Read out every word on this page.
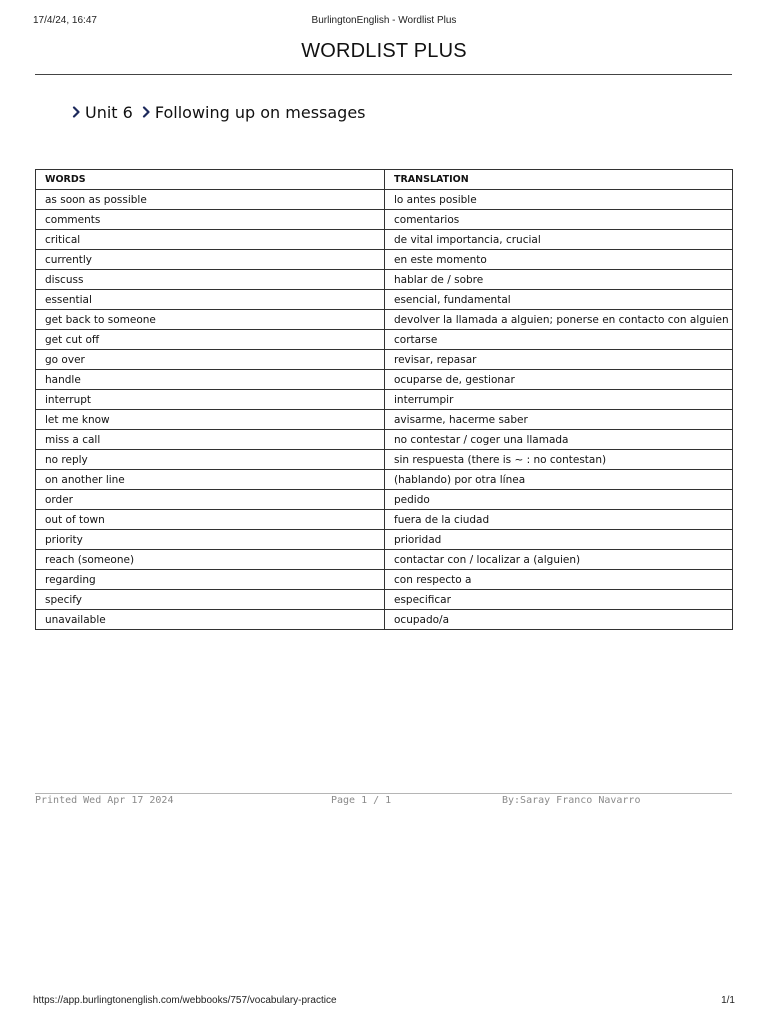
17/4/24, 16:47	BurlingtonEnglish - Wordlist Plus
WORDLIST PLUS
Unit 6 Following up on messages
WORDS	TRANSLATION
as soon as possible	lo antes posible
comments	comentarios
critical	de vital importancia, crucial
currently	en este momento
discuss	hablar de / sobre
essential	esencial, fundamental
get back to someone	devolver la llamada a alguien; ponerse en contacto con alguien
get cut off	cortarse
go over	revisar, repasar
handle	ocuparse de, gestionar
interrupt	interrumpir
let me know	avisarme, hacerme saber
miss a call	no contestar / coger una llamada
no reply	sin respuesta (there is ~ : no contestan)
on another line	(hablando) por otra línea
order	pedido
out of town	fuera de la ciudad
priority	prioridad
reach (someone)	contactar con / localizar a (alguien)
regarding	con respecto a
specify	especificar
unavailable	ocupado/a
Printed Wed Apr 17 2024	Page 1 / 1	By:Saray Franco Navarro
https://app.burlingtonenglish.com/webbooks/757/vocabulary-practice	1/1
